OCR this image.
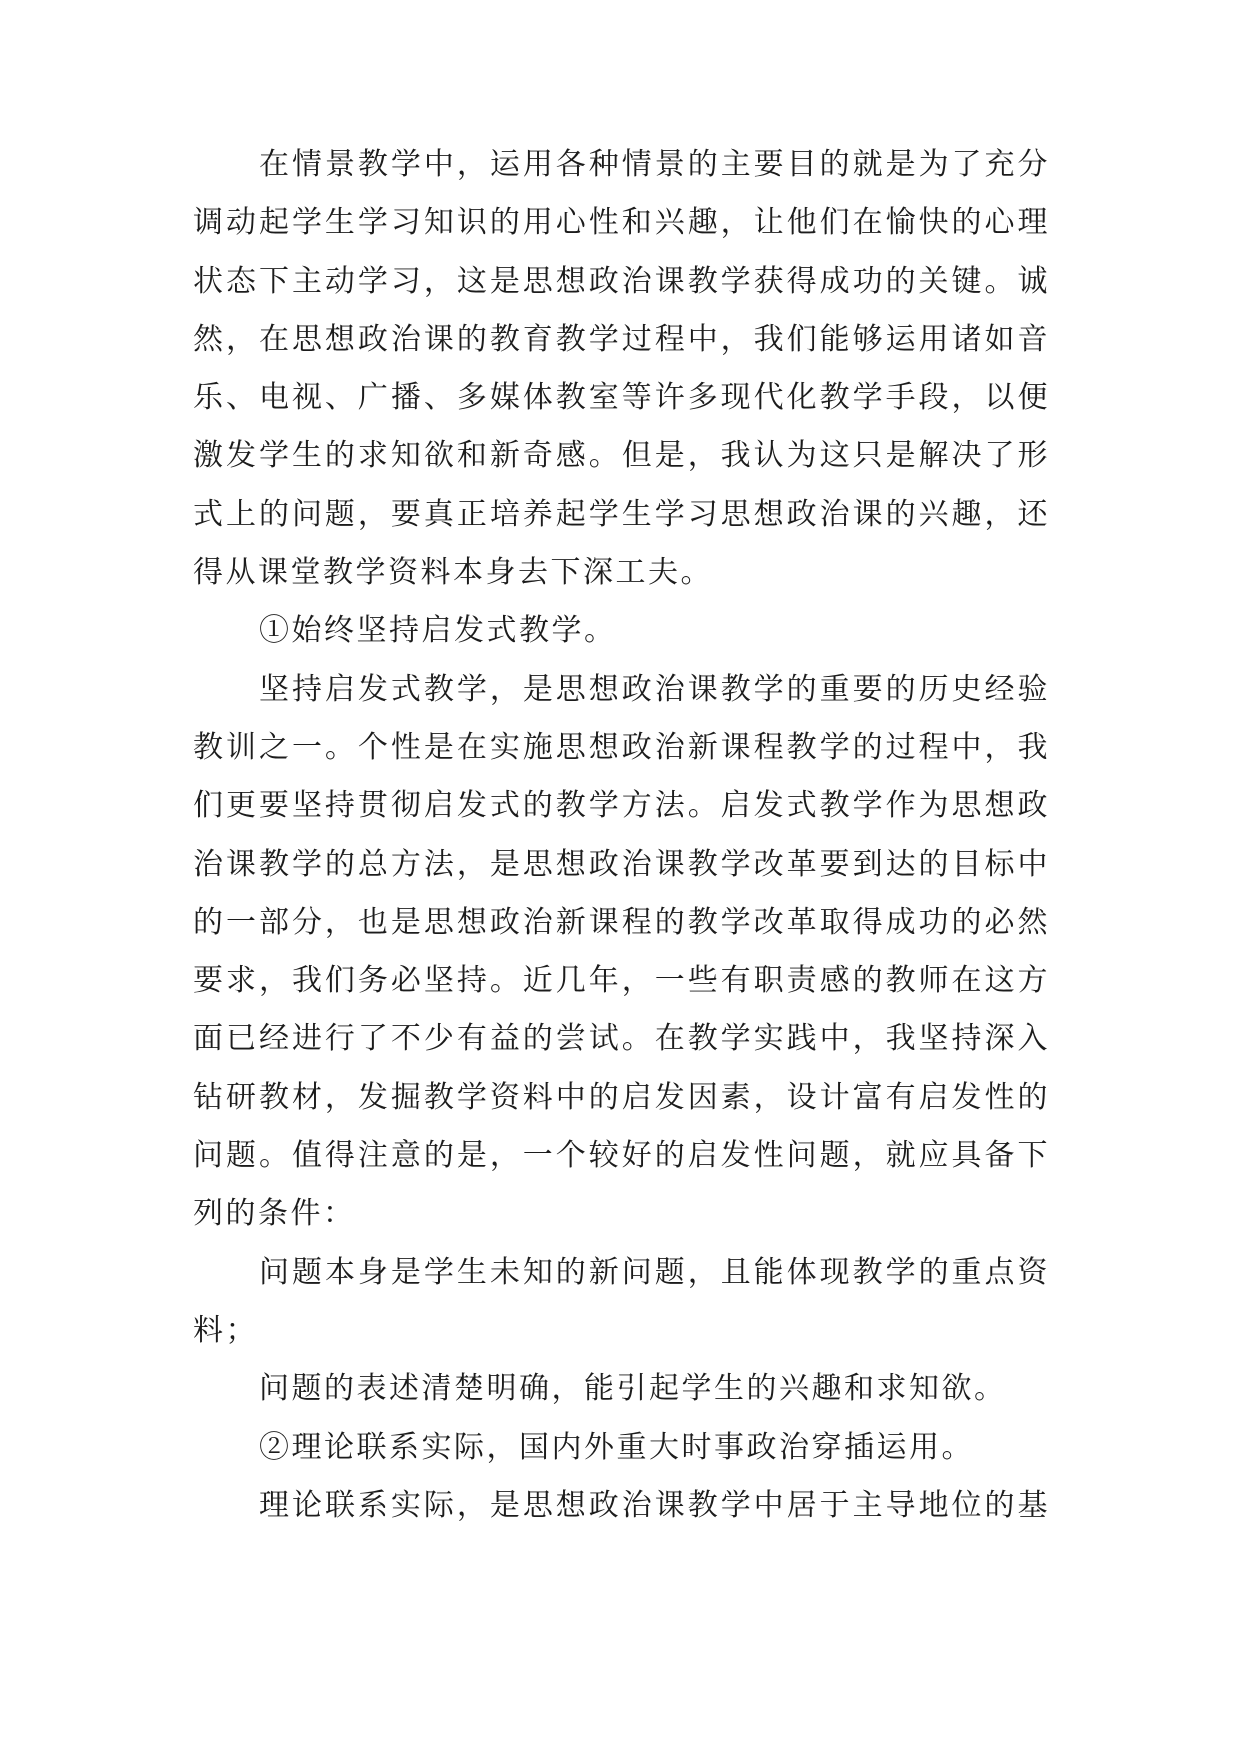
在情景教学中，运用各种情景的主要目的就是为了充分
调动起学生学习知识的用心性和兴趣，让他们在愉快的心理
状态下主动学习，这是思想政治课教学获得成功的关键。诚
然，在思想政治课的教育教学过程中，我们能够运用诸如音
乐、电视、广播、多媒体教室等许多现代化教学手段，以便
激发学生的求知欲和新奇感。但是，我认为这只是解决了形
式上的问题，要真正培养起学生学习思想政治课的兴趣，还
得从课堂教学资料本身去下深工夫。
①始终坚持启发式教学。
坚持启发式教学，是思想政治课教学的重要的历史经验
教训之一。个性是在实施思想政治新课程教学的过程中，我
们更要坚持贯彻启发式的教学方法。启发式教学作为思想政
治课教学的总方法，是思想政治课教学改革要到达的目标中
的一部分，也是思想政治新课程的教学改革取得成功的必然
要求，我们务必坚持。近几年，一些有职责感的教师在这方
面已经进行了不少有益的尝试。在教学实践中，我坚持深入
钻研教材，发掘教学资料中的启发因素，设计富有启发性的
问题。值得注意的是，一个较好的启发性问题，就应具备下
列的条件：
问题本身是学生未知的新问题，且能体现教学的重点资
料；
问题的表述清楚明确，能引起学生的兴趣和求知欲。
②理论联系实际，国内外重大时事政治穿插运用。
理论联系实际，是思想政治课教学中居于主导地位的基
